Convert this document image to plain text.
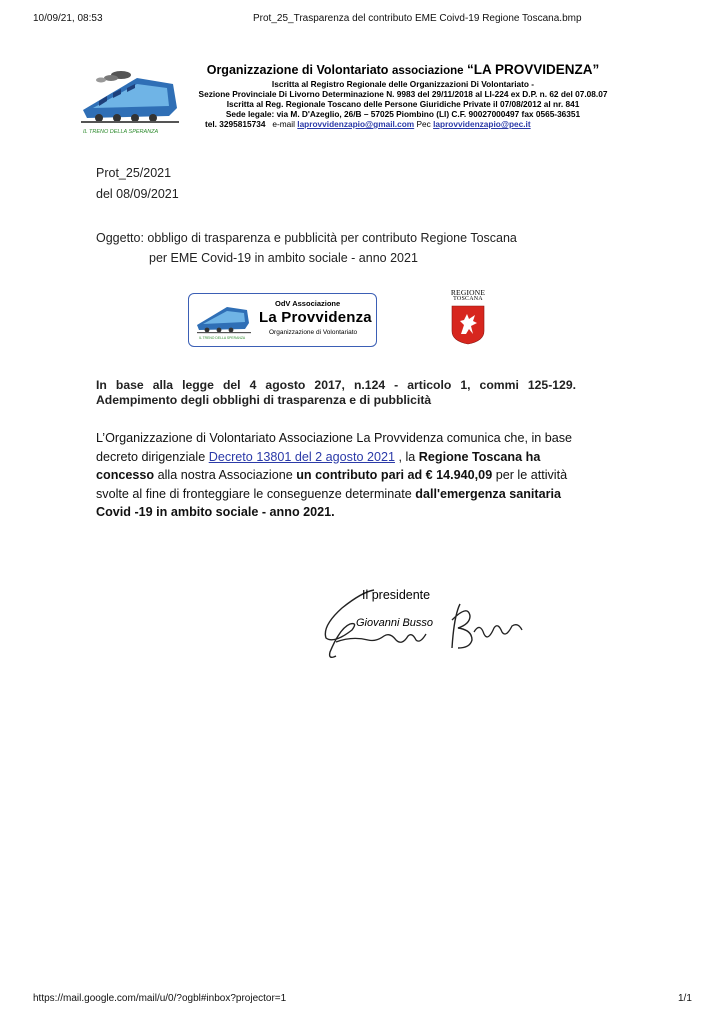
10/09/21, 08:53	Prot_25_Trasparenza del contributo EME Coivd-19 Regione Toscana.bmp
IL TRENO DELLA SPERANZA
Organizzazione di Volontariato associazione “LA PROVVIDENZA”
Iscritta al Registro Regionale delle Organizzazioni Di Volontariato -
Sezione Provinciale Di Livorno Determinazione N. 9983 del 29/11/2018 al LI-224 ex D.P. n. 62 del 07.08.07
Iscritta al Reg. Regionale Toscano delle Persone Giuridiche Private il 07/08/2012 al nr. 841
Sede legale: via M. D'Azeglio, 26/B – 57025 Piombino (LI) C.F. 90027000497 fax 0565-36351
tel. 3295815734 e-mail laprovvidenzapio@gmail.com Pec laprovvidenzapio@pec.it
Prot_25/2021
del 08/09/2021
Oggetto: obbligo di trasparenza e pubblicità per contributo Regione Toscana
per EME Covid-19 in ambito sociale - anno 2021
IL TRENO DELLA SPERANZA
OdV Associazione
La Provvidenza
Organizzazione di Volontariato
REGIONE
TOSCANA
In base alla legge del 4 agosto 2017, n.124 - articolo 1, commi 125-129.
Adempimento degli obblighi di trasparenza e di pubblicità
L’Organizzazione di Volontariato Associazione La Provvidenza comunica che, in base decreto dirigenziale Decreto 13801 del 2 agosto 2021 , la Regione Toscana ha concesso alla nostra Associazione un contributo pari ad € 14.940,09 per le attività svolte al fine di fronteggiare le conseguenze determinate dall'emergenza sanitaria Covid -19 in ambito sociale - anno 2021.
Il presidente
Giovanni Busso
https://mail.google.com/mail/u/0/?ogbl#inbox?projector=1	1/1
